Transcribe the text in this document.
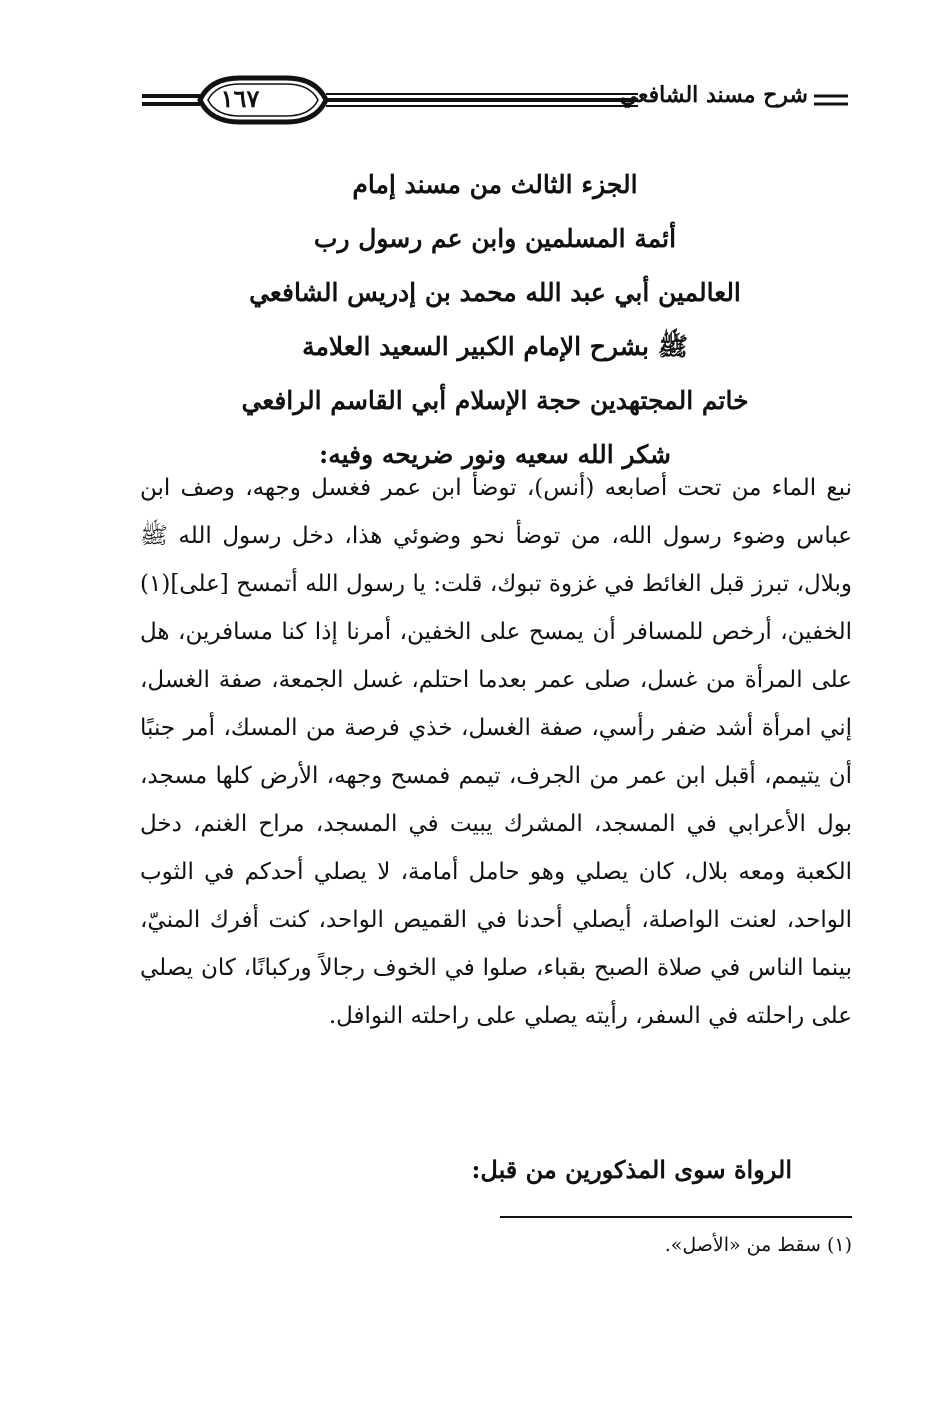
شرح مسند الشافعي
١٦٧
الجزء الثالث من مسند إمام
أئمة المسلمين وابن عم رسول رب
العالمين أبي عبد الله محمد بن إدريس الشافعي
ﷺ بشرح الإمام الكبير السعيد العلامة
خاتم المجتهدين حجة الإسلام أبي القاسم الرافعي
شكر الله سعيه ونور ضريحه وفيه:

نبع الماء من تحت أصابعه (أنس)، توضأ ابن عمر فغسل وجهه، وصف ابن عباس وضوء رسول الله، من توضأ نحو وضوئي هذا، دخل رسول الله ﷺ وبلال، تبرز قبل الغائط في غزوة تبوك، قلت: يا رسول الله أتمسح [على](١) الخفين، أرخص للمسافر أن يمسح على الخفين، أمرنا إذا كنا مسافرين، هل على المرأة من غسل، صلى عمر بعدما احتلم، غسل الجمعة، صفة الغسل، إني امرأة أشد ضفر رأسي، صفة الغسل، خذي فرصة من المسك، أمر جنبًا أن يتيمم، أقبل ابن عمر من الجرف، تيمم فمسح وجهه، الأرض كلها مسجد، بول الأعرابي في المسجد، المشرك يبيت في المسجد، مراح الغنم، دخل الكعبة ومعه بلال، كان يصلي وهو حامل أمامة، لا يصلي أحدكم في الثوب الواحد، لعنت الواصلة، أيصلي أحدنا في القميص الواحد، كنت أفرك المنيّ، بينما الناس في صلاة الصبح بقباء، صلوا في الخوف رجالاً وركبانًا، كان يصلي على راحلته في السفر، رأيته يصلي على راحلته النوافل.

الرواة سوى المذكورين من قبل:
(١) سقط من «الأصل».
